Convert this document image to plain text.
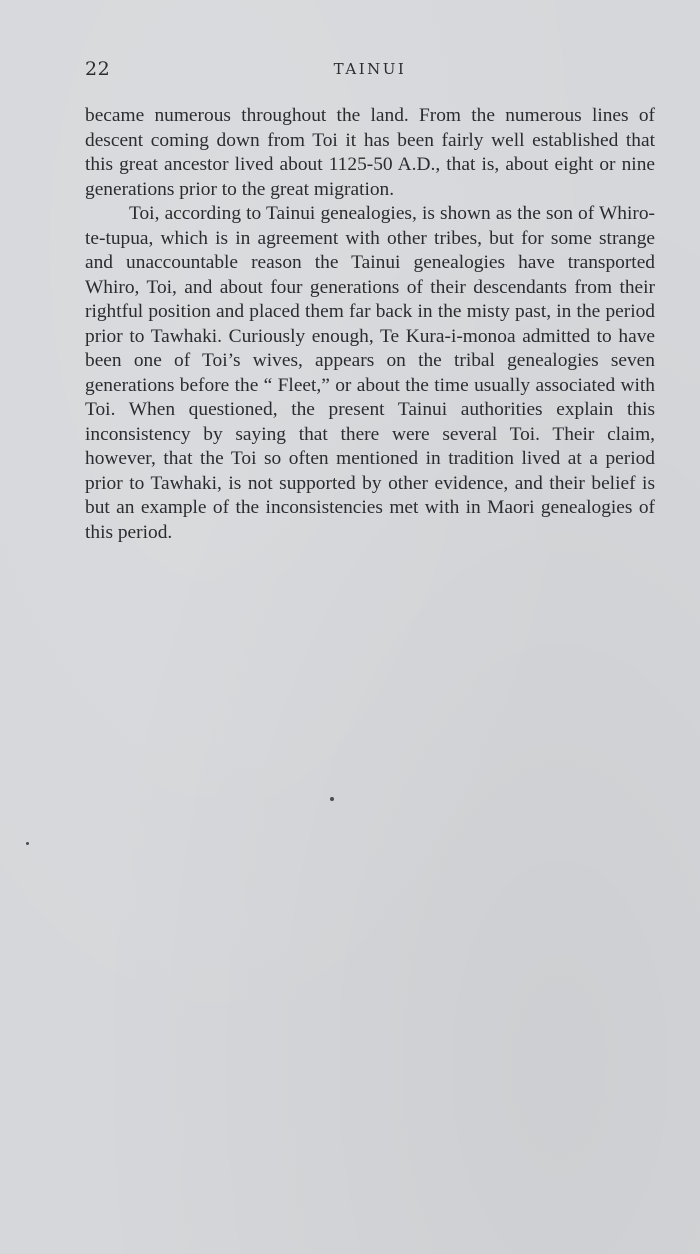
22	TAINUI

became numerous throughout the land. From the numerous lines of descent coming down from Toi it has been fairly well established that this great ancestor lived about 1125-50 A.D., that is, about eight or nine generations prior to the great migration.

Toi, according to Tainui genealogies, is shown as the son of Whiro-te-tupua, which is in agreement with other tribes, but for some strange and unaccountable reason the Tainui genealogies have transported Whiro, Toi, and about four generations of their descendants from their rightful position and placed them far back in the misty past, in the period prior to Tawhaki. Curiously enough, Te Kura-i-monoa admitted to have been one of Toi’s wives, appears on the tribal genealogies seven generations before the “ Fleet,” or about the time usually associated with Toi. When questioned, the present Tainui authorities explain this inconsistency by saying that there were several Toi. Their claim, however, that the Toi so often mentioned in tradition lived at a period prior to Tawhaki, is not supported by other evidence, and their belief is but an example of the inconsistencies met with in Maori genealogies of this period.
